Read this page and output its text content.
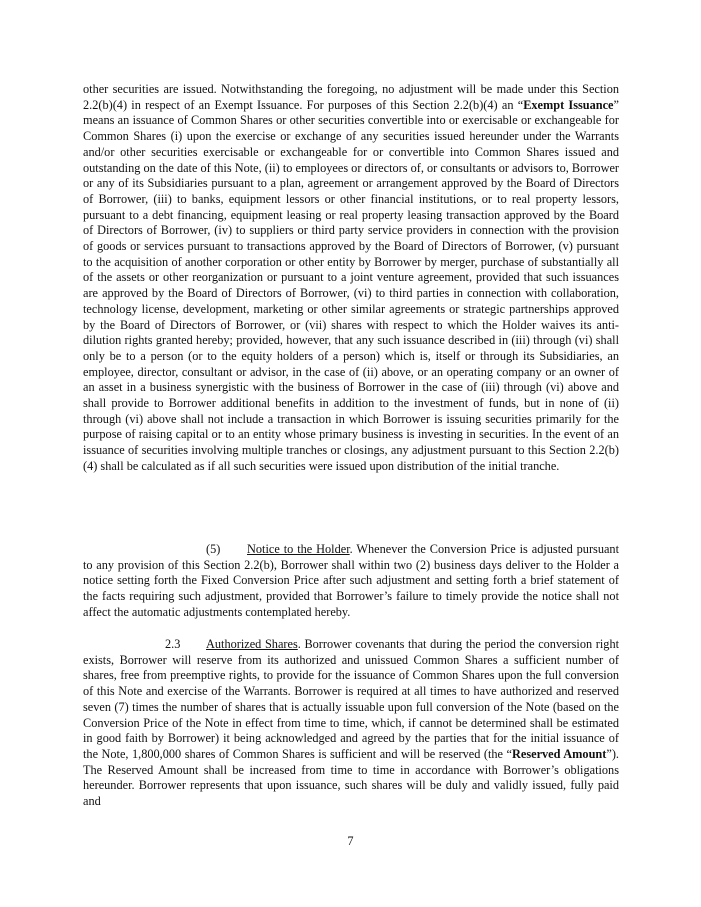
other securities are issued. Notwithstanding the foregoing, no adjustment will be made under this Section 2.2(b)(4) in respect of an Exempt Issuance. For purposes of this Section 2.2(b)(4) an “Exempt Issuance” means an issuance of Common Shares or other securities convertible into or exercisable or exchangeable for Common Shares (i) upon the exercise or exchange of any securities issued hereunder under the Warrants and/or other securities exercisable or exchangeable for or convertible into Common Shares issued and outstanding on the date of this Note, (ii) to employees or directors of, or consultants or advisors to, Borrower or any of its Subsidiaries pursuant to a plan, agreement or arrangement approved by the Board of Directors of Borrower, (iii) to banks, equipment lessors or other financial institutions, or to real property lessors, pursuant to a debt financing, equipment leasing or real property leasing transaction approved by the Board of Directors of Borrower, (iv) to suppliers or third party service providers in connection with the provision of goods or services pursuant to transactions approved by the Board of Directors of Borrower, (v) pursuant to the acquisition of another corporation or other entity by Borrower by merger, purchase of substantially all of the assets or other reorganization or pursuant to a joint venture agreement, provided that such issuances are approved by the Board of Directors of Borrower, (vi) to third parties in connection with collaboration, technology license, development, marketing or other similar agreements or strategic partnerships approved by the Board of Directors of Borrower, or (vii) shares with respect to which the Holder waives its anti-dilution rights granted hereby; provided, however, that any such issuance described in (iii) through (vi) shall only be to a person (or to the equity holders of a person) which is, itself or through its Subsidiaries, an employee, director, consultant or advisor, in the case of (ii) above, or an operating company or an owner of an asset in a business synergistic with the business of Borrower in the case of (iii) through (vi) above and shall provide to Borrower additional benefits in addition to the investment of funds, but in none of (ii) through (vi) above shall not include a transaction in which Borrower is issuing securities primarily for the purpose of raising capital or to an entity whose primary business is investing in securities. In the event of an issuance of securities involving multiple tranches or closings, any adjustment pursuant to this Section 2.2(b)(4) shall be calculated as if all such securities were issued upon distribution of the initial tranche.

(5) Notice to the Holder. Whenever the Conversion Price is adjusted pursuant to any provision of this Section 2.2(b), Borrower shall within two (2) business days deliver to the Holder a notice setting forth the Fixed Conversion Price after such adjustment and setting forth a brief statement of the facts requiring such adjustment, provided that Borrower’s failure to timely provide the notice shall not affect the automatic adjustments contemplated hereby.

2.3 Authorized Shares. Borrower covenants that during the period the conversion right exists, Borrower will reserve from its authorized and unissued Common Shares a sufficient number of shares, free from preemptive rights, to provide for the issuance of Common Shares upon the full conversion of this Note and exercise of the Warrants. Borrower is required at all times to have authorized and reserved seven (7) times the number of shares that is actually issuable upon full conversion of the Note (based on the Conversion Price of the Note in effect from time to time, which, if cannot be determined shall be estimated in good faith by Borrower) it being acknowledged and agreed by the parties that for the initial issuance of the Note, 1,800,000 shares of Common Shares is sufficient and will be reserved (the “Reserved Amount”). The Reserved Amount shall be increased from time to time in accordance with Borrower’s obligations hereunder. Borrower represents that upon issuance, such shares will be duly and validly issued, fully paid and

7
